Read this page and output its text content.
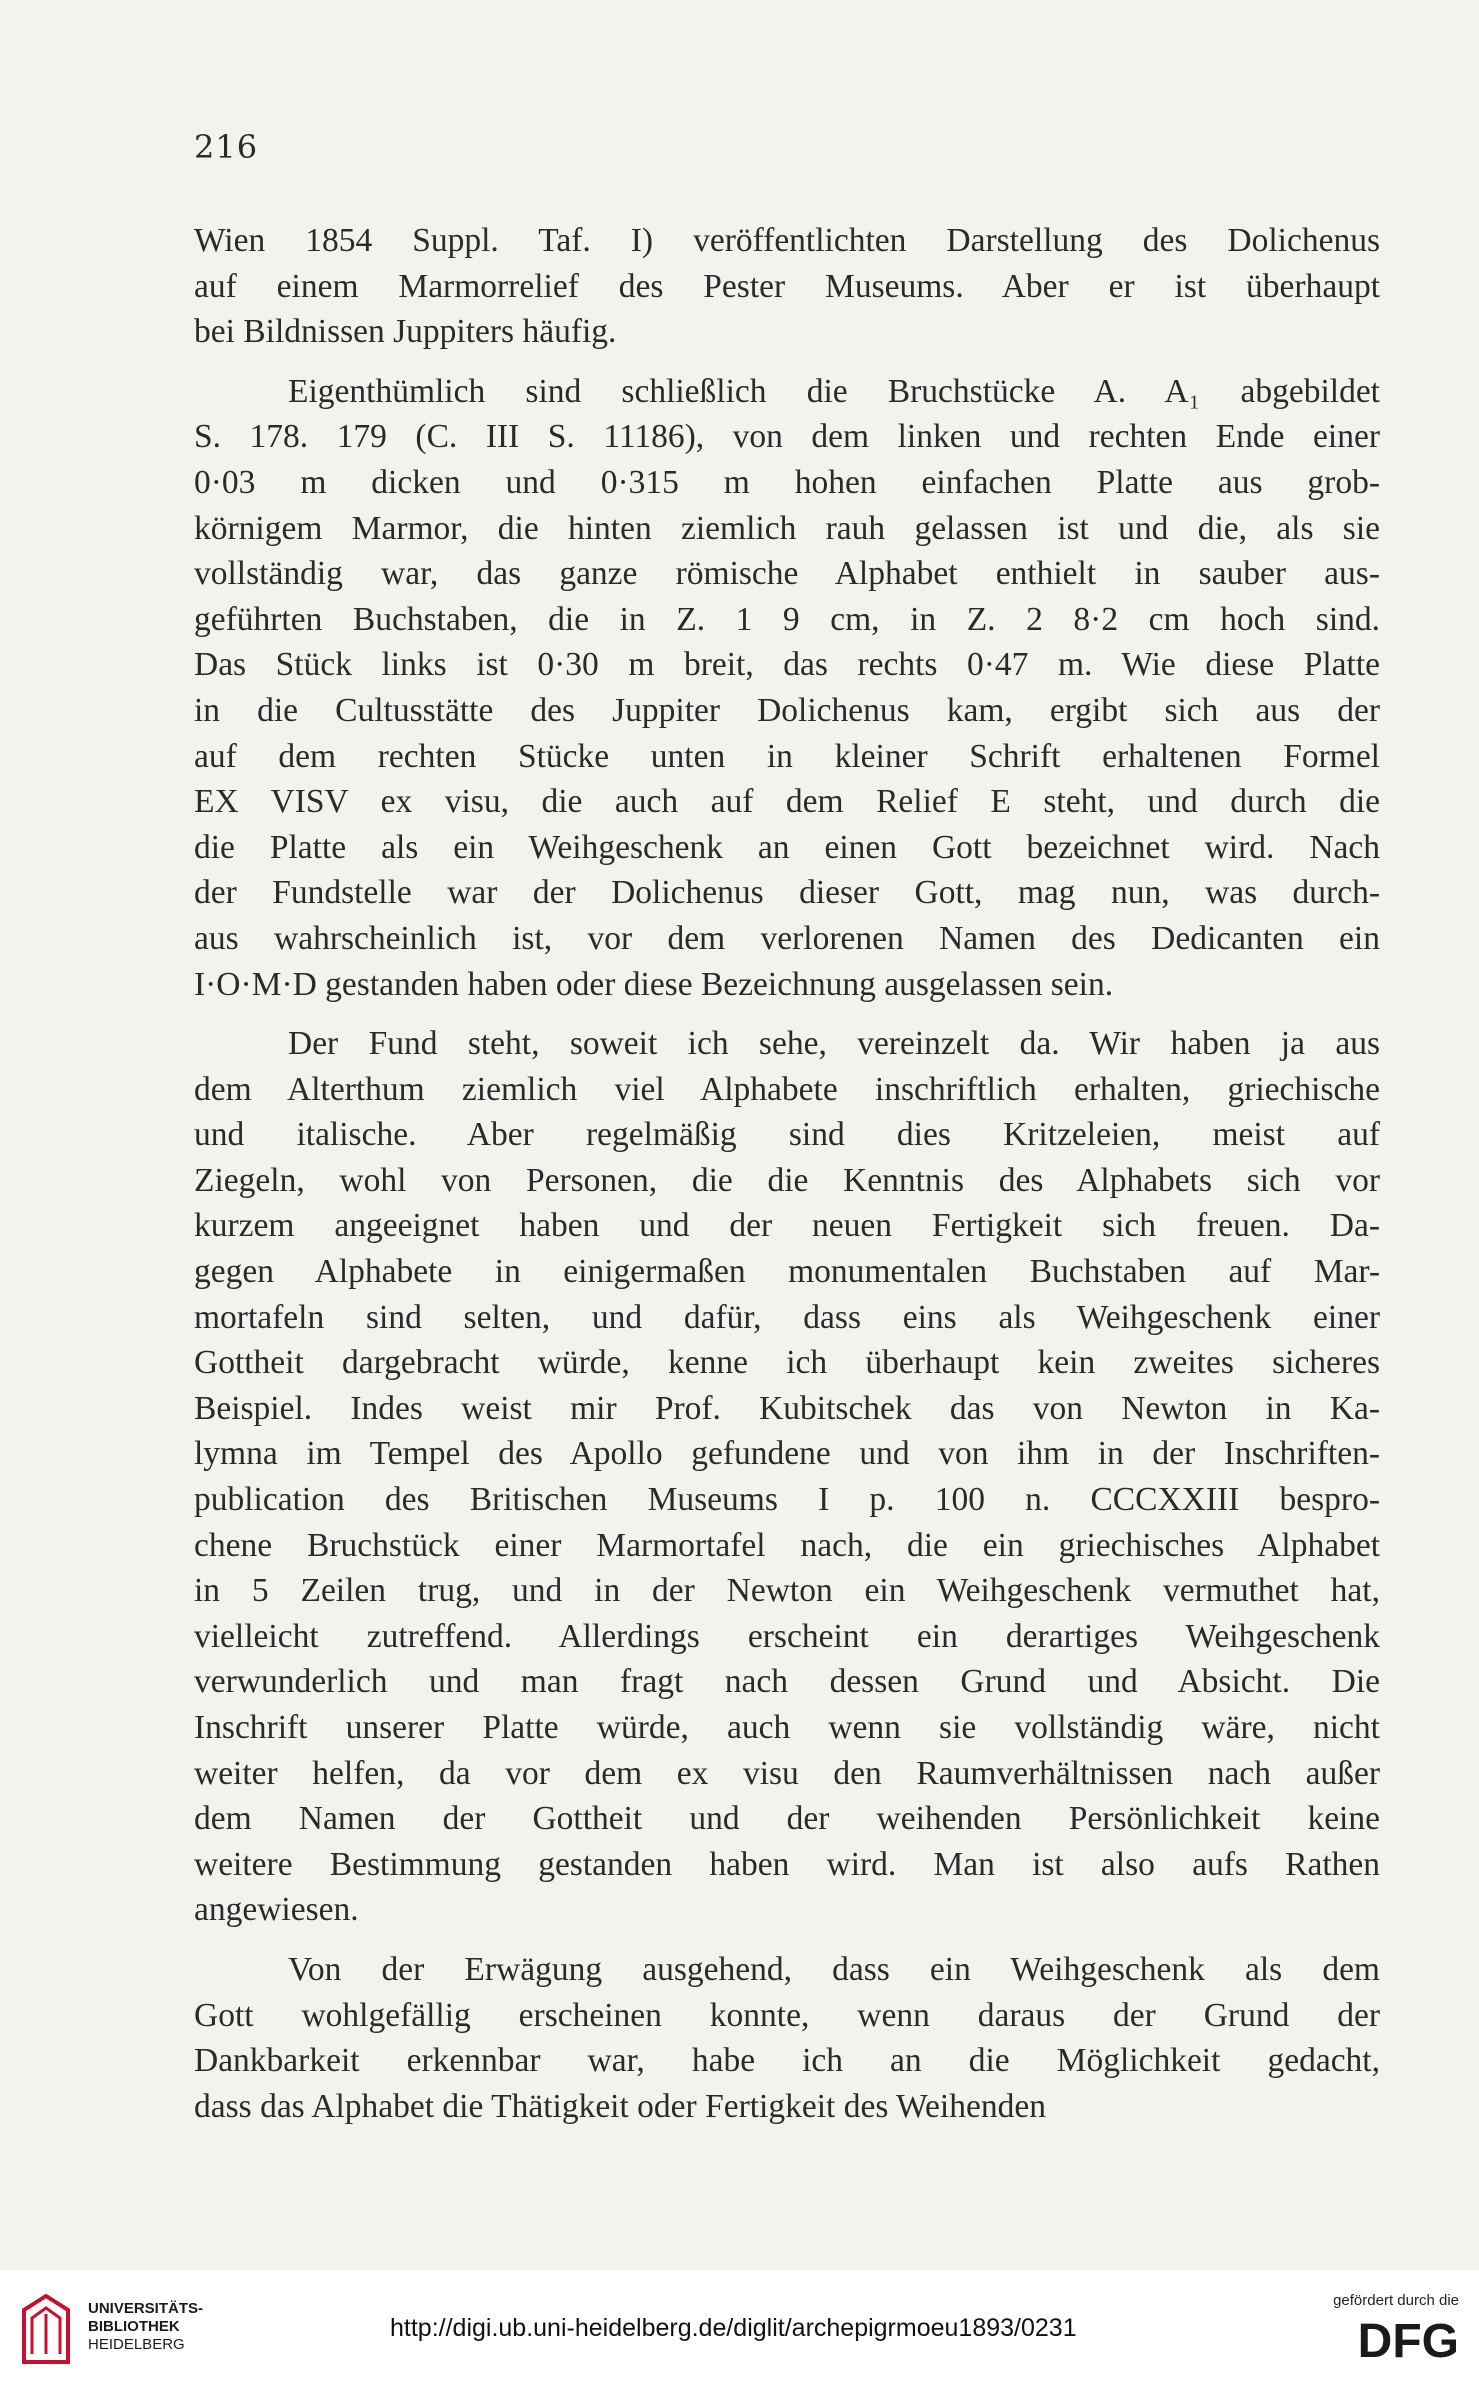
216
Wien 1854 Suppl. Taf. I) veröffentlichten Darstellung des Dolichenus
auf einem Marmorrelief des Pester Museums. Aber er ist überhaupt
bei Bildnissen Juppiters häufig.
Eigenthümlich sind schließlich die Bruchstücke A. A₁ abgebildet
S. 178. 179 (C. III S. 11186), von dem linken und rechten Ende einer
0·03 m dicken und 0·315 m hohen einfachen Platte aus grob-
körnigem Marmor, die hinten ziemlich rauh gelassen ist und die, als sie
vollständig war, das ganze römische Alphabet enthielt in sauber aus-
geführten Buchstaben, die in Z. 1 9 cm, in Z. 2 8·2 cm hoch sind.
Das Stück links ist 0·30 m breit, das rechts 0·47 m. Wie diese Platte
in die Cultusstätte des Juppiter Dolichenus kam, ergibt sich aus der
auf dem rechten Stücke unten in kleiner Schrift erhaltenen Formel
EX VISV ex visu, die auch auf dem Relief E steht, und durch die
die Platte als ein Weihgeschenk an einen Gott bezeichnet wird. Nach
der Fundstelle war der Dolichenus dieser Gott, mag nun, was durch-
aus wahrscheinlich ist, vor dem verlorenen Namen des Dedicanten ein
I·O·M·D gestanden haben oder diese Bezeichnung ausgelassen sein.
Der Fund steht, soweit ich sehe, vereinzelt da. Wir haben ja aus
dem Alterthum ziemlich viel Alphabete inschriftlich erhalten, griechische
und italische. Aber regelmäßig sind dies Kritzeleien, meist auf
Ziegeln, wohl von Personen, die die Kenntnis des Alphabets sich vor
kurzem angeeignet haben und der neuen Fertigkeit sich freuen. Da-
gegen Alphabete in einigermaßen monumentalen Buchstaben auf Mar-
mortafeln sind selten, und dafür, dass eins als Weihgeschenk einer
Gottheit dargebracht würde, kenne ich überhaupt kein zweites sicheres
Beispiel. Indes weist mir Prof. Kubitschek das von Newton in Ka-
lymna im Tempel des Apollo gefundene und von ihm in der Inschriften-
publication des Britischen Museums I p. 100 n. CCCXXIII bespro-
chene Bruchstück einer Marmortafel nach, die ein griechisches Alphabet
in 5 Zeilen trug, und in der Newton ein Weihgeschenk vermuthet hat,
vielleicht zutreffend. Allerdings erscheint ein derartiges Weihgeschenk
verwunderlich und man fragt nach dessen Grund und Absicht. Die
Inschrift unserer Platte würde, auch wenn sie vollständig wäre, nicht
weiter helfen, da vor dem ex visu den Raumverhältnissen nach außer
dem Namen der Gottheit und der weihenden Persönlichkeit keine
weitere Bestimmung gestanden haben wird. Man ist also aufs Rathen
angewiesen.
Von der Erwägung ausgehend, dass ein Weihgeschenk als dem
Gott wohlgefällig erscheinen konnte, wenn daraus der Grund der
Dankbarkeit erkennbar war, habe ich an die Möglichkeit gedacht,
dass das Alphabet die Thätigkeit oder Fertigkeit des Weihenden
UNIVERSITÄTS-
BIBLIOTHEK
HEIDELBERG
http://digi.ub.uni-heidelberg.de/diglit/archepigrmoeu1893/0231
gefördert durch die
DFG
